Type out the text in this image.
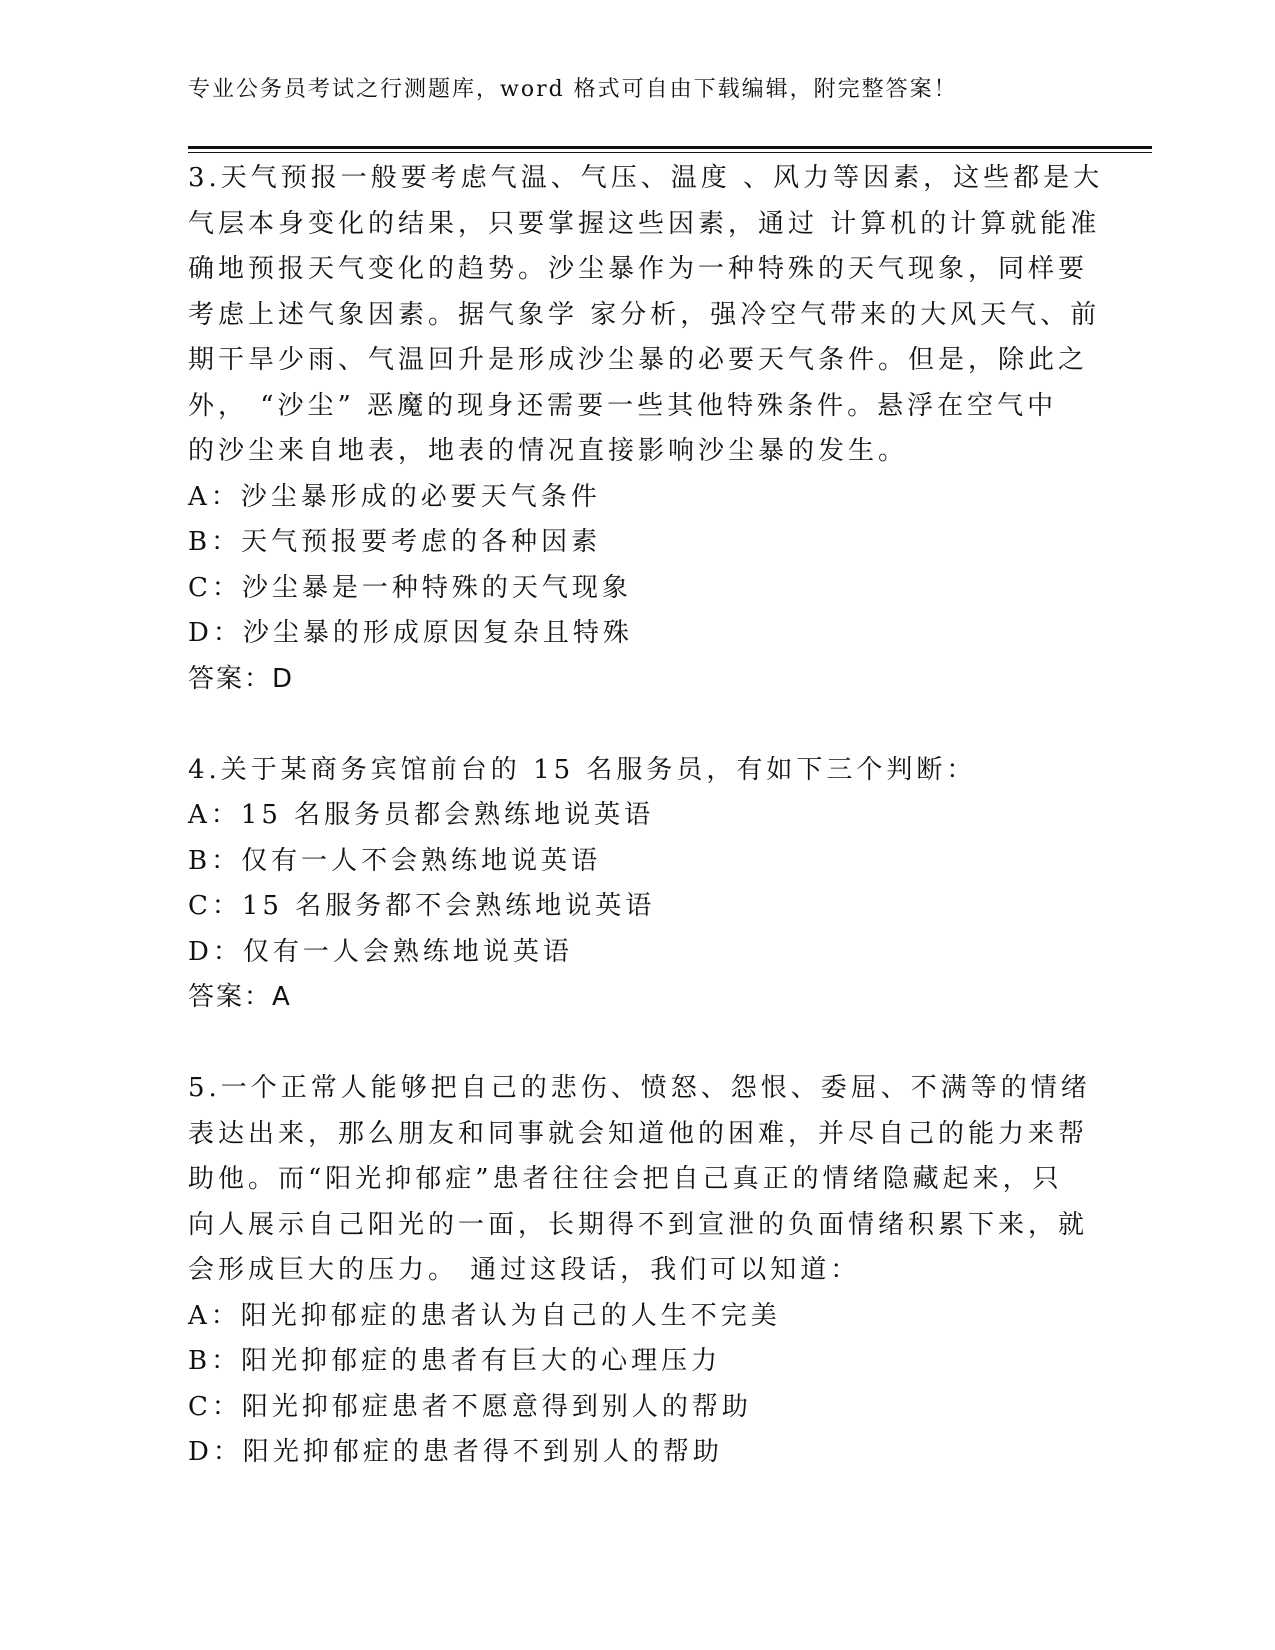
专业公务员考试之行测题库，word 格式可自由下载编辑，附完整答案！
3.天气预报一般要考虑气温、气压、温度 、风力等因素，这些都是大
气层本身变化的结果，只要掌握这些因素，通过 计算机的计算就能准
确地预报天气变化的趋势。沙尘暴作为一种特殊的天气现象，同样要
考虑上述气象因素。据气象学 家分析，强冷空气带来的大风天气、前
期干旱少雨、气温回升是形成沙尘暴的必要天气条件。但是，除此之
外， “沙尘” 恶魔的现身还需要一些其他特殊条件。悬浮在空气中
的沙尘来自地表，地表的情况直接影响沙尘暴的发生。
A：沙尘暴形成的必要天气条件
B：天气预报要考虑的各种因素
C：沙尘暴是一种特殊的天气现象
D：沙尘暴的形成原因复杂且特殊
答案：D
4.关于某商务宾馆前台的 15 名服务员，有如下三个判断：
A：15 名服务员都会熟练地说英语
B：仅有一人不会熟练地说英语
C：15 名服务都不会熟练地说英语
D：仅有一人会熟练地说英语
答案：A
5.一个正常人能够把自己的悲伤、愤怒、怨恨、委屈、不满等的情绪
表达出来，那么朋友和同事就会知道他的困难，并尽自己的能力来帮
助他。而“阳光抑郁症”患者往往会把自己真正的情绪隐藏起来，只
向人展示自己阳光的一面，长期得不到宣泄的负面情绪积累下来，就
会形成巨大的压力。 通过这段话，我们可以知道：
A：阳光抑郁症的患者认为自己的人生不完美
B：阳光抑郁症的患者有巨大的心理压力
C：阳光抑郁症患者不愿意得到别人的帮助
D：阳光抑郁症的患者得不到别人的帮助
